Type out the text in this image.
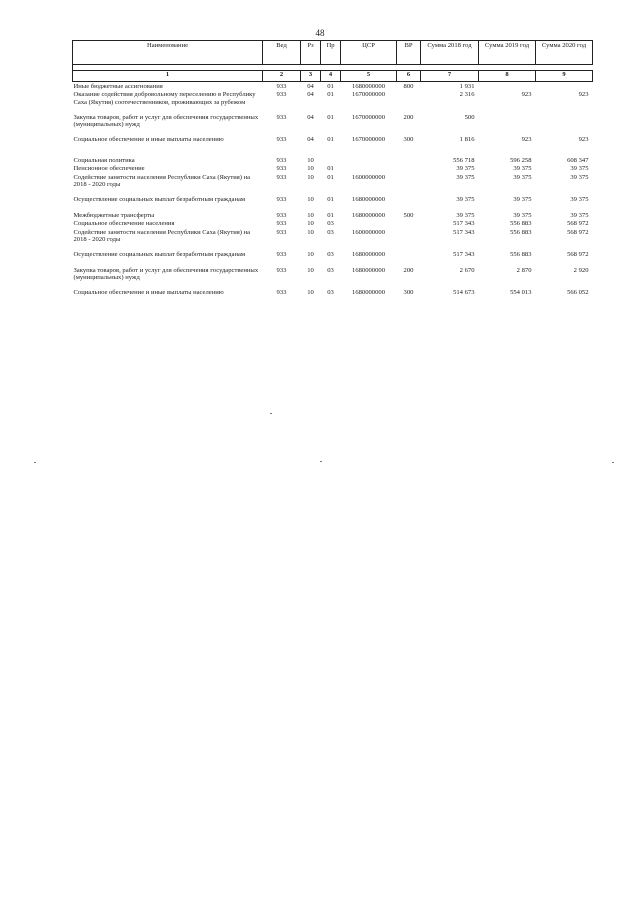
48
Наименование	Вед	Рз	Пр	ЦСР	ВР	Сумма 2018 год	Сумма 2019 год	Сумма 2020 год

1	2	3	4	5	6	7	8	9
Иные бюджетные ассигнования	933	04	01	1680000000	800	1 931		
Оказание содействия добровольному переселению в Республику Саха (Якутия) соотечественников, проживающих за рубежом	933	04	01	1670000000		2 316	923	923
Закупка товаров, работ и услуг для обеспечения государственных (муниципальных) нужд	933	04	01	1670000000	200	500		
Социальное обеспечение и иные выплаты населению	933	04	01	1670000000	300	1 816	923	923
Социальная политика	933	10				556 718	596 258	608 347
Пенсионное обеспечение	933	10	01			39 375	39 375	39 375
Содействие занятости населения Республики Саха (Якутия) на 2018 - 2020 годы	933	10	01	1600000000		39 375	39 375	39 375
Осуществление социальных выплат безработным гражданам	933	10	01	1680000000		39 375	39 375	39 375
Межбюджетные трансферты	933	10	01	1680000000	500	39 375	39 375	39 375
Социальное обеспечение населения	933	10	03			517 343	556 883	568 972
Содействие занятости населения Республики Саха (Якутия) на 2018 - 2020 годы	933	10	03	1600000000		517 343	556 883	568 972
Осуществление социальных выплат безработным гражданам	933	10	03	1680000000		517 343	556 883	568 972
Закупка товаров, работ и услуг для обеспечения государственных (муниципальных) нужд	933	10	03	1680000000	200	2 670	2 870	2 920
Социальное обеспечение и иные выплаты населению	933	10	03	1680000000	300	514 673	554 013	566 052
